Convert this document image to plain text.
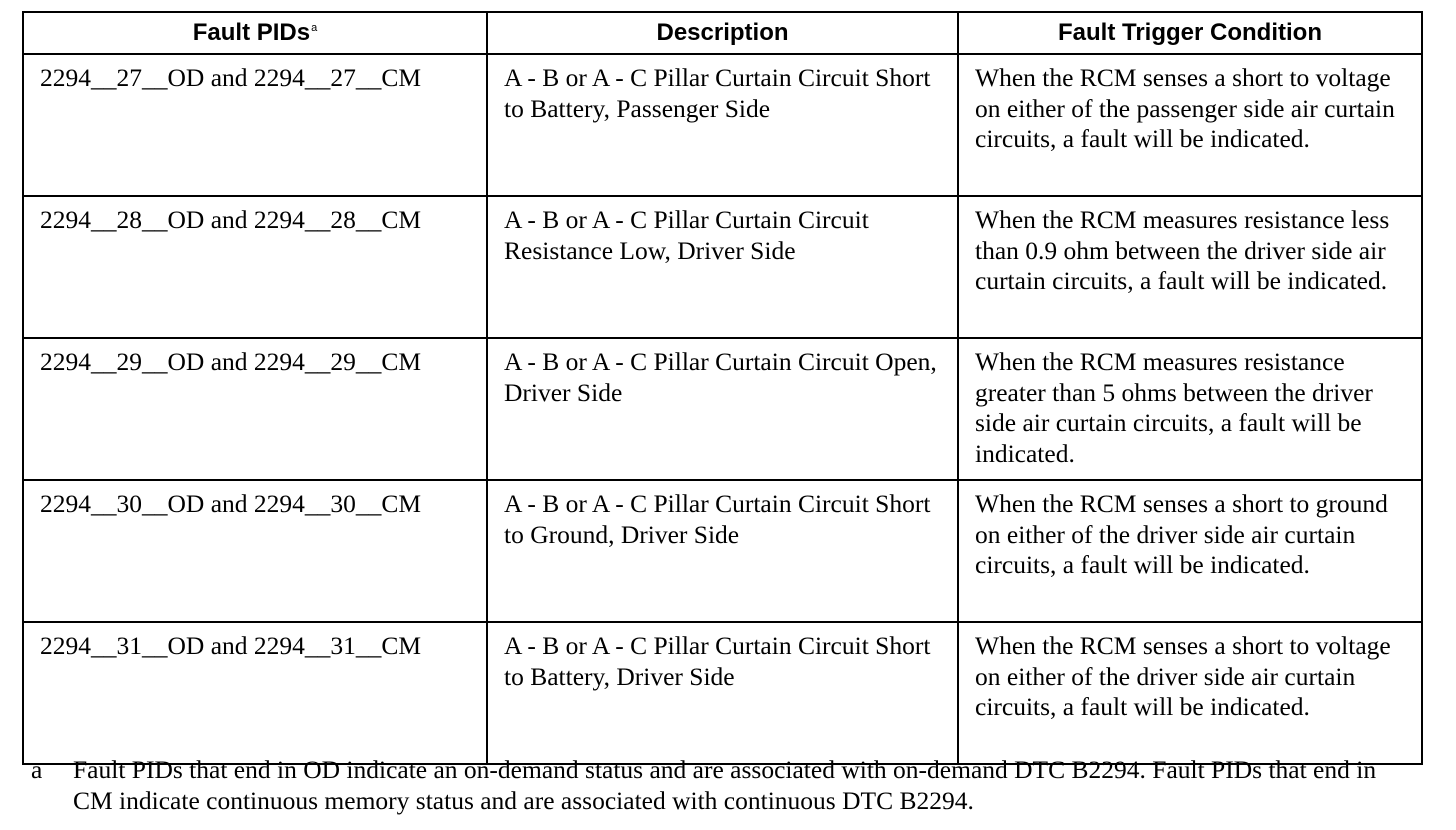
Fault PIDs$^a$	Description	Fault Trigger Condition
2294__27__OD and 2294__27__CM	A - B or A - C Pillar Curtain Circuit Short to Battery, Passenger Side	When the RCM senses a short to voltage on either of the passenger side air curtain circuits, a fault will be indicated.
2294__28__OD and 2294__28__CM	A - B or A - C Pillar Curtain Circuit Resistance Low, Driver Side	When the RCM measures resistance less than 0.9 ohm between the driver side air curtain circuits, a fault will be indicated.
2294__29__OD and 2294__29__CM	A - B or A - C Pillar Curtain Circuit Open, Driver Side	When the RCM measures resistance greater than 5 ohms between the driver side air curtain circuits, a fault will be indicated.
2294__30__OD and 2294__30__CM	A - B or A - C Pillar Curtain Circuit Short to Ground, Driver Side	When the RCM senses a short to ground on either of the driver side air curtain circuits, a fault will be indicated.
2294__31__OD and 2294__31__CM	A - B or A - C Pillar Curtain Circuit Short to Battery, Driver Side	When the RCM senses a short to voltage on either of the driver side air curtain circuits, a fault will be indicated.
a	Fault PIDs that end in OD indicate an on-demand status and are associated with on-demand DTC B2294. Fault PIDs that end in CM indicate continuous memory status and are associated with continuous DTC B2294.
